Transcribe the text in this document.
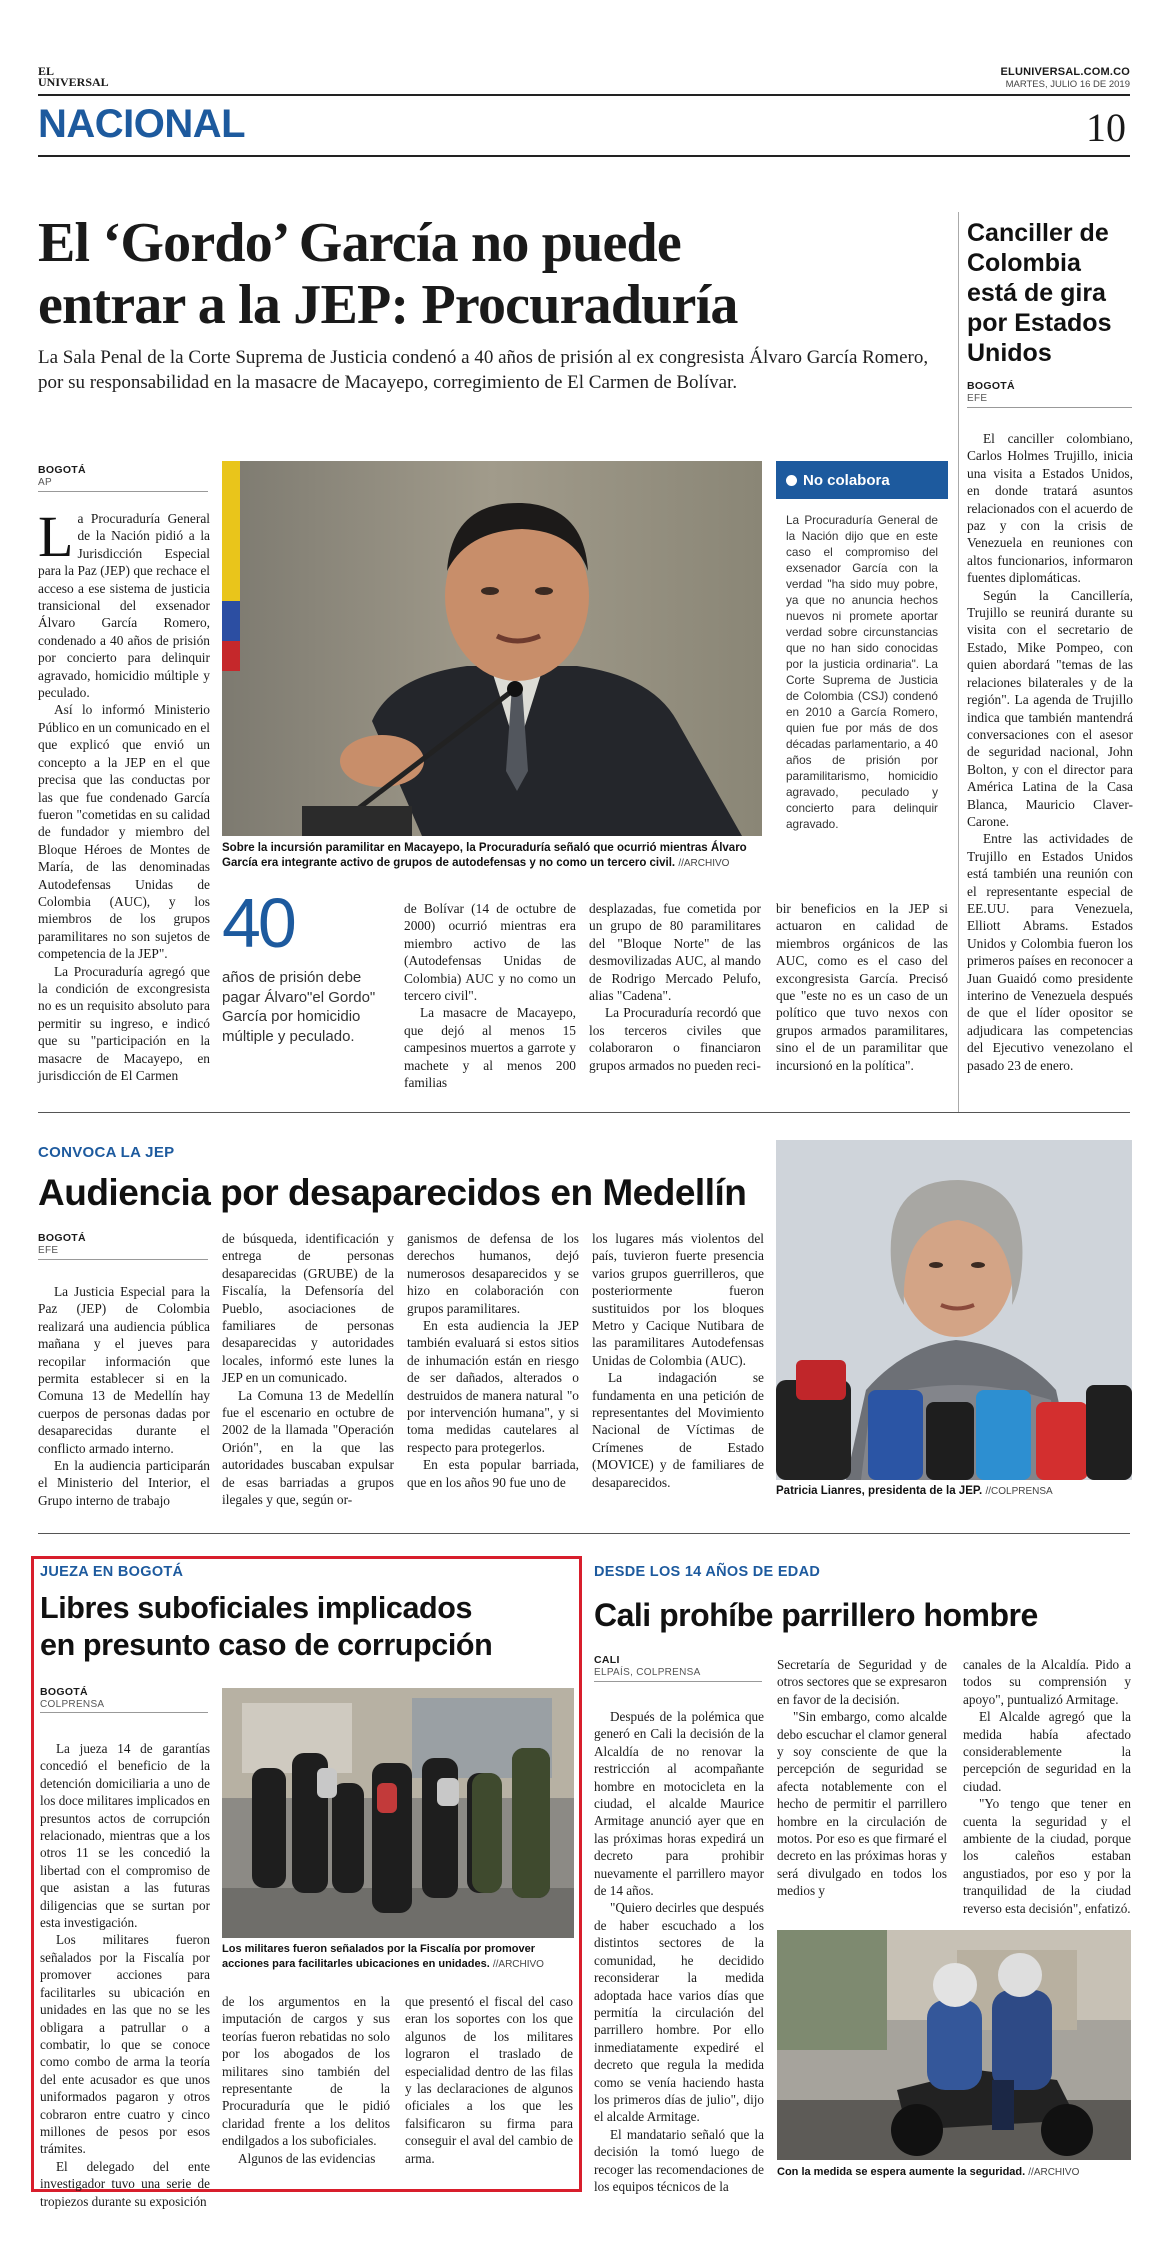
EL UNIVERSAL
ELUNIVERSAL.COM.CO
MARTES, JULIO 16 DE 2019
NACIONAL	10
El ‘Gordo’ García no puede
entrar a la JEP: Procuraduría
La Sala Penal de la Corte Suprema de Justicia condenó a 40 años de prisión al ex congresista Álvaro García Romero, por su responsabilidad en la masacre de Macayepo, corregimiento de El Carmen de Bolívar.
BOGOTÁ
AP
L a Procuraduría General de la Nación pidió a la Jurisdicción Especial para la Paz (JEP) que rechace el acceso a ese sistema de justicia transicional del exsenador Álvaro García Romero, condenado a 40 años de prisión por concierto para delinquir agravado, homicidio múltiple y peculado.

Así lo informó Ministerio Público en un comunicado en el que explicó que envió un concepto a la JEP en el que precisa que las conductas por las que fue condenado García fueron "cometidas en su calidad de fundador y miembro del Bloque Héroes de Montes de María, de las denominadas Autodefensas Unidas de Colombia (AUC), y los miembros de los grupos paramilitares no son sujetos de competencia de la JEP".

La Procuraduría agregó que la condición de excongresista no es un requisito absoluto para permitir su ingreso, e indicó que su "participación en la masacre de Macayepo, en jurisdicción de El Carmen

Sobre la incursión paramilitar en Macayepo, la Procuraduría señaló que ocurrió mientras Álvaro García era integrante activo de grupos de autodefensas y no como un tercero civil. //ARCHIVO
No colabora
La Procuraduría General de la Nación dijo que en este caso el compromiso del exsenador García con la verdad "ha sido muy pobre, ya que no anuncia hechos nuevos ni promete aportar verdad sobre circunstancias que no han sido conocidas por la justicia ordinaria". La Corte Suprema de Justicia de Colombia (CSJ) condenó en 2010 a García Romero, quien fue por más de dos décadas parlamentario, a 40 años de prisión por paramilitarismo, homicidio agravado, peculado y concierto para delinquir agravado.
40
años de prisión debe pagar Álvaro"el Gordo" García por homicidio múltiple y peculado.

de Bolívar (14 de octubre de 2000) ocurrió mientras era miembro activo de las (Autodefensas Unidas de Colombia) AUC y no como un tercero civil".

La masacre de Macayepo, que dejó al menos 15 campesinos muertos a garrote y machete y al menos 200 familias

desplazadas, fue cometida por un grupo de 80 paramilitares del "Bloque Norte" de las desmovilizadas AUC, al mando de Rodrigo Mercado Pelufo, alias "Cadena".

La Procuraduría recordó que los terceros civiles que colaboraron o financiaron grupos armados no pueden reci-

bir beneficios en la JEP si actuaron en calidad de miembros orgánicos de las AUC, como es el caso del excongresista García. Precisó que "este no es un caso de un político que tuvo nexos con grupos armados paramilitares, sino el de un paramilitar que incursionó en la política".

Canciller de Colombia está de gira por Estados Unidos
BOGOTÁ
EFE

El canciller colombiano, Carlos Holmes Trujillo, inicia una visita a Estados Unidos, en donde tratará asuntos relacionados con el acuerdo de paz y con la crisis de Venezuela en reuniones con altos funcionarios, informaron fuentes diplomáticas.

Según la Cancillería, Trujillo se reunirá durante su visita con el secretario de Estado, Mike Pompeo, con quien abordará "temas de las relaciones bilaterales y de la región". La agenda de Trujillo indica que también mantendrá conversaciones con el asesor de seguridad nacional, John Bolton, y con el director para América Latina de la Casa Blanca, Mauricio Claver-Carone.

Entre las actividades de Trujillo en Estados Unidos está también una reunión con el representante especial de EE.UU. para Venezuela, Elliott Abrams. Estados Unidos y Colombia fueron los primeros países en reconocer a Juan Guaidó como presidente interino de Venezuela después de que el líder opositor se adjudicara las competencias del Ejecutivo venezolano el pasado 23 de enero.

CONVOCA LA JEP
Audiencia por desaparecidos en Medellín
BOGOTÁ
EFE

La Justicia Especial para la Paz (JEP) de Colombia realizará una audiencia pública mañana y el jueves para recopilar información que permita establecer si en la Comuna 13 de Medellín hay cuerpos de personas dadas por desaparecidas durante el conflicto armado interno.

En la audiencia participarán el Ministerio del Interior, el Grupo interno de trabajo

de búsqueda, identificación y entrega de personas desaparecidas (GRUBE) de la Fiscalía, la Defensoría del Pueblo, asociaciones de familiares de personas desaparecidas y autoridades locales, informó este lunes la JEP en un comunicado.

La Comuna 13 de Medellín fue el escenario en octubre de 2002 de la llamada "Operación Orión", en la que las autoridades buscaban expulsar de esas barriadas a grupos ilegales y que, según or-

ganismos de defensa de los derechos humanos, dejó numerosos desaparecidos y se hizo en colaboración con grupos paramilitares.

En esta audiencia la JEP también evaluará si estos sitios de inhumación están en riesgo de ser dañados, alterados o destruidos de manera natural "o por intervención humana", y si toma medidas cautelares al respecto para protegerlos.

En esta popular barriada, que en los años 90 fue uno de

los lugares más violentos del país, tuvieron fuerte presencia varios grupos guerrilleros, que posteriormente fueron sustituidos por los bloques Metro y Cacique Nutibara de las paramilitares Autodefensas Unidas de Colombia (AUC).

La indagación se fundamenta en una petición de representantes del Movimiento Nacional de Víctimas de Crímenes de Estado (MOVICE) y de familiares de desaparecidos.

Patricia Lianres, presidenta de la JEP. //COLPRENSA
JUEZA EN BOGOTÁ
Libres suboficiales implicados
en presunto caso de corrupción
BOGOTÁ
COLPRENSA

La jueza 14 de garantías concedió el beneficio de la detención domiciliaria a uno de los doce militares implicados en presuntos actos de corrupción relacionado, mientras que a los otros 11 se les concedió la libertad con el compromiso de que asistan a las futuras diligencias que se surtan por esta investigación.

Los militares fueron señalados por la Fiscalía por promover acciones para facilitarles su ubicación en unidades en las que no se les obligara a patrullar o a combatir, lo que se conoce como combo de arma la teoría del ente acusador es que unos uniformados pagaron y otros cobraron entre cuatro y cinco millones de pesos por esos trámites.

El delegado del ente investigador tuvo una serie de tropiezos durante su exposición

Los militares fueron señalados por la Fiscalía por promover acciones para facilitarles ubicaciones en unidades. //ARCHIVO

de los argumentos en la imputación de cargos y sus teorías fueron rebatidas no solo por los abogados de los militares sino también del representante de la Procuraduría que le pidió claridad frente a los delitos endilgados a los suboficiales.

Algunos de las evidencias

que presentó el fiscal del caso eran los soportes con los que algunos de los militares lograron el traslado de especialidad dentro de las filas y las declaraciones de algunos oficiales a los que les falsificaron su firma para conseguir el aval del cambio de arma.

DESDE LOS 14 AÑOS DE EDAD
Cali prohíbe parrillero hombre
CALI
ELPAÍS, COLPRENSA

Después de la polémica que generó en Cali la decisión de la Alcaldía de no renovar la restricción al acompañante hombre en motocicleta en la ciudad, el alcalde Maurice Armitage anunció ayer que en las próximas horas expedirá un decreto para prohibir nuevamente el parrillero mayor de 14 años.

"Quiero decirles que después de haber escuchado a los distintos sectores de la comunidad, he decidido reconsiderar la medida adoptada hace varios días que permitía la circulación del parrillero hombre. Por ello inmediatamente expediré el decreto que regula la medida como se venía haciendo hasta los primeros días de julio", dijo el alcalde Armitage.

El mandatario señaló que la decisión la tomó luego de recoger las recomendaciones de los equipos técnicos de la

Secretaría de Seguridad y de otros sectores que se expresaron en favor de la decisión.

"Sin embargo, como alcalde debo escuchar el clamor general y soy consciente de que la percepción de seguridad se afecta notablemente con el hecho de permitir el parrillero hombre en la circulación de motos. Por eso es que firmaré el decreto en las próximas horas y será divulgado en todos los medios y

canales de la Alcaldía. Pido a todos su comprensión y apoyo", puntualizó Armitage.

El Alcalde agregó que la medida había afectado considerablemente la percepción de seguridad en la ciudad.

"Yo tengo que tener en cuenta la seguridad y el ambiente de la ciudad, porque los caleños estaban angustiados, por eso y por la tranquilidad de la ciudad reverso esta decisión", enfatizó.

Con la medida se espera aumente la seguridad. //ARCHIVO
